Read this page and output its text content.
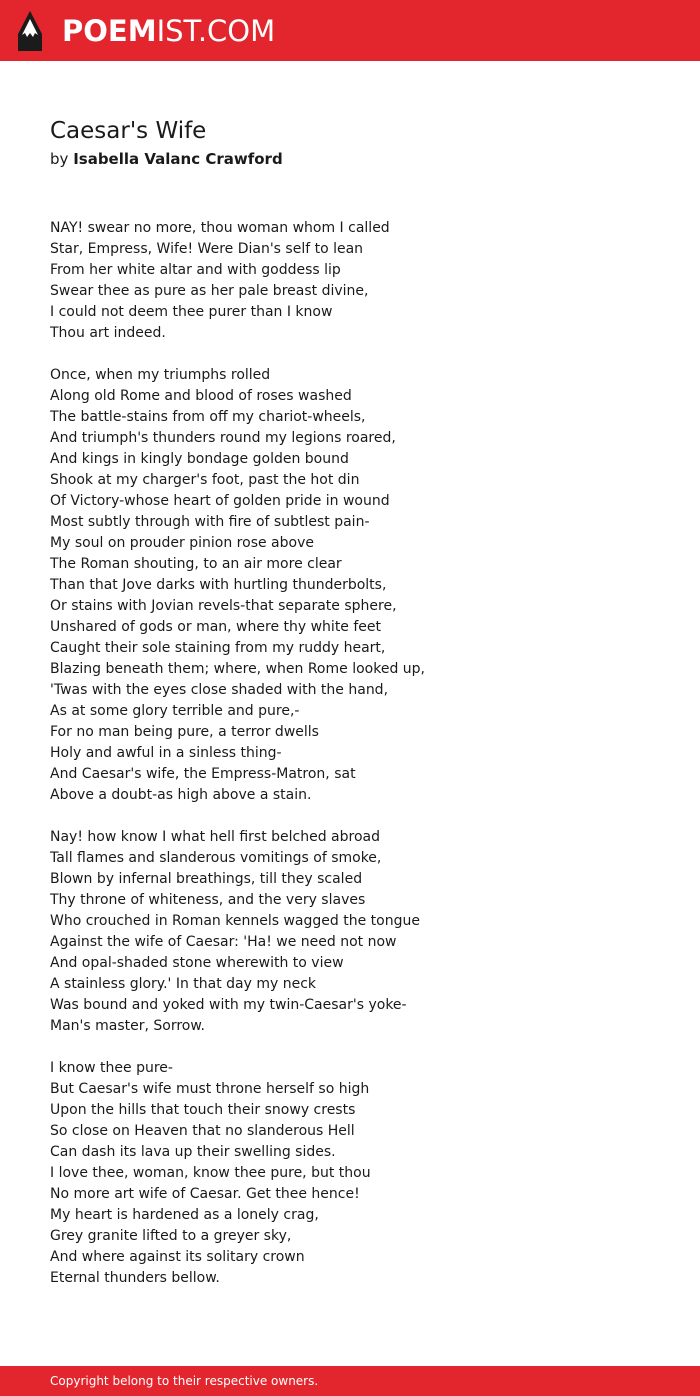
POEMIST.COM
Caesar's Wife
by Isabella Valanc Crawford
NAY! swear no more, thou woman whom I called
Star, Empress, Wife! Were Dian's self to lean
From her white altar and with goddess lip
Swear thee as pure as her pale breast divine,
I could not deem thee purer than I know
Thou art indeed.
Once, when my triumphs rolled
Along old Rome and blood of roses washed
The battle-stains from off my chariot-wheels,
And triumph's thunders round my legions roared,
And kings in kingly bondage golden bound
Shook at my charger's foot, past the hot din
Of Victory-whose heart of golden pride in wound
Most subtly through with fire of subtlest pain-
My soul on prouder pinion rose above
The Roman shouting, to an air more clear
Than that Jove darks with hurtling thunderbolts,
Or stains with Jovian revels-that separate sphere,
Unshared of gods or man, where thy white feet
Caught their sole staining from my ruddy heart,
Blazing beneath them; where, when Rome looked up,
'Twas with the eyes close shaded with the hand,
As at some glory terrible and pure,-
For no man being pure, a terror dwells
Holy and awful in a sinless thing-
And Caesar's wife, the Empress-Matron, sat
Above a doubt-as high above a stain.
Nay! how know I what hell first belched abroad
Tall flames and slanderous vomitings of smoke,
Blown by infernal breathings, till they scaled
Thy throne of whiteness, and the very slaves
Who crouched in Roman kennels wagged the tongue
Against the wife of Caesar: 'Ha! we need not now
And opal-shaded stone wherewith to view
A stainless glory.' In that day my neck
Was bound and yoked with my twin-Caesar's yoke-
Man's master, Sorrow.
I know thee pure-
But Caesar's wife must throne herself so high
Upon the hills that touch their snowy crests
So close on Heaven that no slanderous Hell
Can dash its lava up their swelling sides.
I love thee, woman, know thee pure, but thou
No more art wife of Caesar. Get thee hence!
My heart is hardened as a lonely crag,
Grey granite lifted to a greyer sky,
And where against its solitary crown
Eternal thunders bellow.
Copyright belong to their respective owners.
